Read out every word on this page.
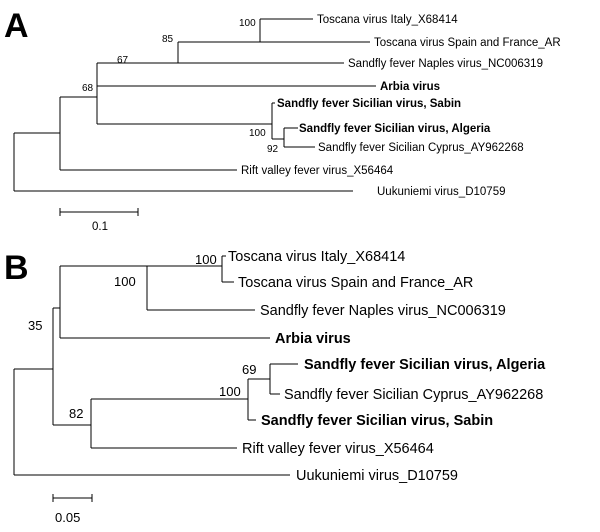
A	100
85
67
68
100
92
Toscana virus Italy_X68414
Toscana virus Spain and France_AR
Sandfly fever Naples virus_NC006319
Arbia virus
Sandfly fever Sicilian virus, Sabin
Sandfly fever Sicilian virus, Algeria
Sandfly fever Sicilian Cyprus_AY962268
Rift valley fever virus_X56464
Uukuniemi virus_D10759
0.1
B	100
100
35
69
100
82
Toscana virus Italy_X68414
Toscana virus Spain and France_AR
Sandfly fever Naples virus_NC006319
Arbia virus
Sandfly fever Sicilian virus, Algeria
Sandfly fever Sicilian Cyprus_AY962268
Sandfly fever Sicilian virus, Sabin
Rift valley fever virus_X56464
Uukuniemi virus_D10759
0.05
